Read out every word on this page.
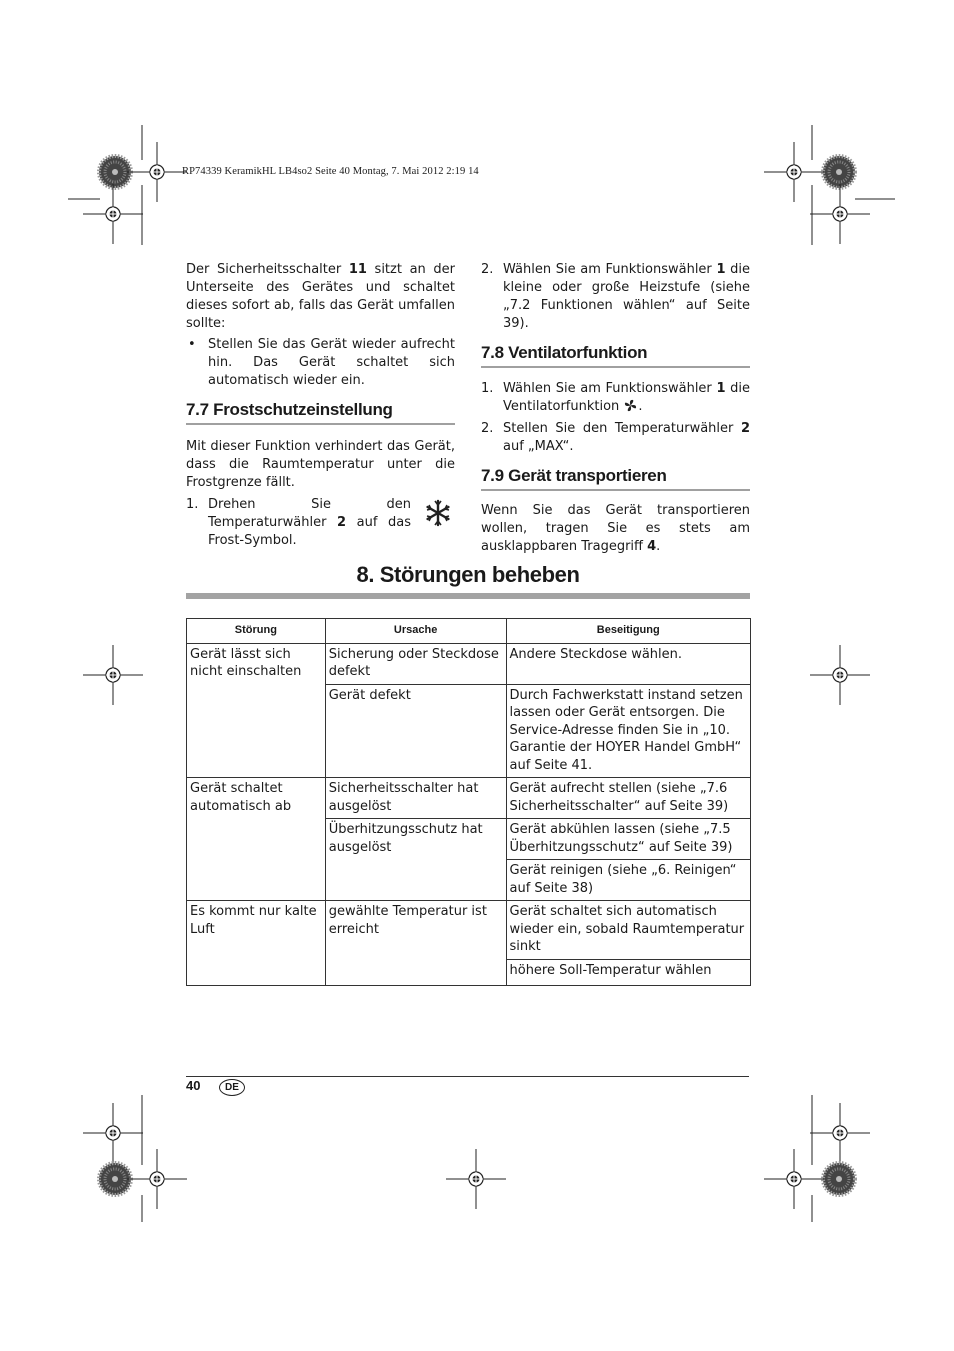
RP74339 KeramikHL LB4so2 Seite 40 Montag, 7. Mai 2012 2:19 14

Der Sicherheitsschalter 11 sitzt an der Unterseite des Gerätes und schaltet dieses sofort ab, falls das Gerät umfallen sollte:

• Stellen Sie das Gerät wieder aufrecht hin. Das Gerät schaltet sich automatisch wieder ein.
7.7 Frostschutzeinstellung

Mit dieser Funktion verhindert das Gerät, dass die Raumtemperatur unter die Frostgrenze fällt.

1. Drehen Sie den Temperaturwähler 2 auf das Frost-Symbol.
2. Wählen Sie am Funktionswähler 1 die kleine oder große Heizstufe (siehe „7.2 Funktionen wählen“ auf Seite 39).
7.8 Ventilatorfunktion
1. Wählen Sie am Funktionswähler 1 die Ventilatorfunktion .
2. Stellen Sie den Temperaturwähler 2 auf „MAX“.
7.9 Gerät transportieren

Wenn Sie das Gerät transportieren wollen, tragen Sie es stets am ausklappbaren Tragegriff 4.

8. Störungen beheben
Störung	Ursache	Beseitigung
Gerät lässt sich nicht einschalten	Sicherung oder Steckdose defekt	Andere Steckdose wählen.
	Gerät defekt	Durch Fachwerkstatt instand setzen lassen oder Gerät entsorgen. Die Service-Adresse finden Sie in „10. Garantie der HOYER Handel GmbH“ auf Seite 41.
Gerät schaltet automatisch ab	Sicherheitsschalter hat ausgelöst	Gerät aufrecht stellen (siehe „7.6 Sicherheitsschalter“ auf Seite 39)
	Überhitzungsschutz hat ausgelöst	Gerät abkühlen lassen (siehe „7.5 Überhitzungsschutz“ auf Seite 39)
		Gerät reinigen (siehe „6. Reinigen“ auf Seite 38)
Es kommt nur kalte Luft	gewählte Temperatur ist erreicht	Gerät schaltet sich automatisch wieder ein, sobald Raumtemperatur sinkt
		höhere Soll-Temperatur wählen
40	DE
